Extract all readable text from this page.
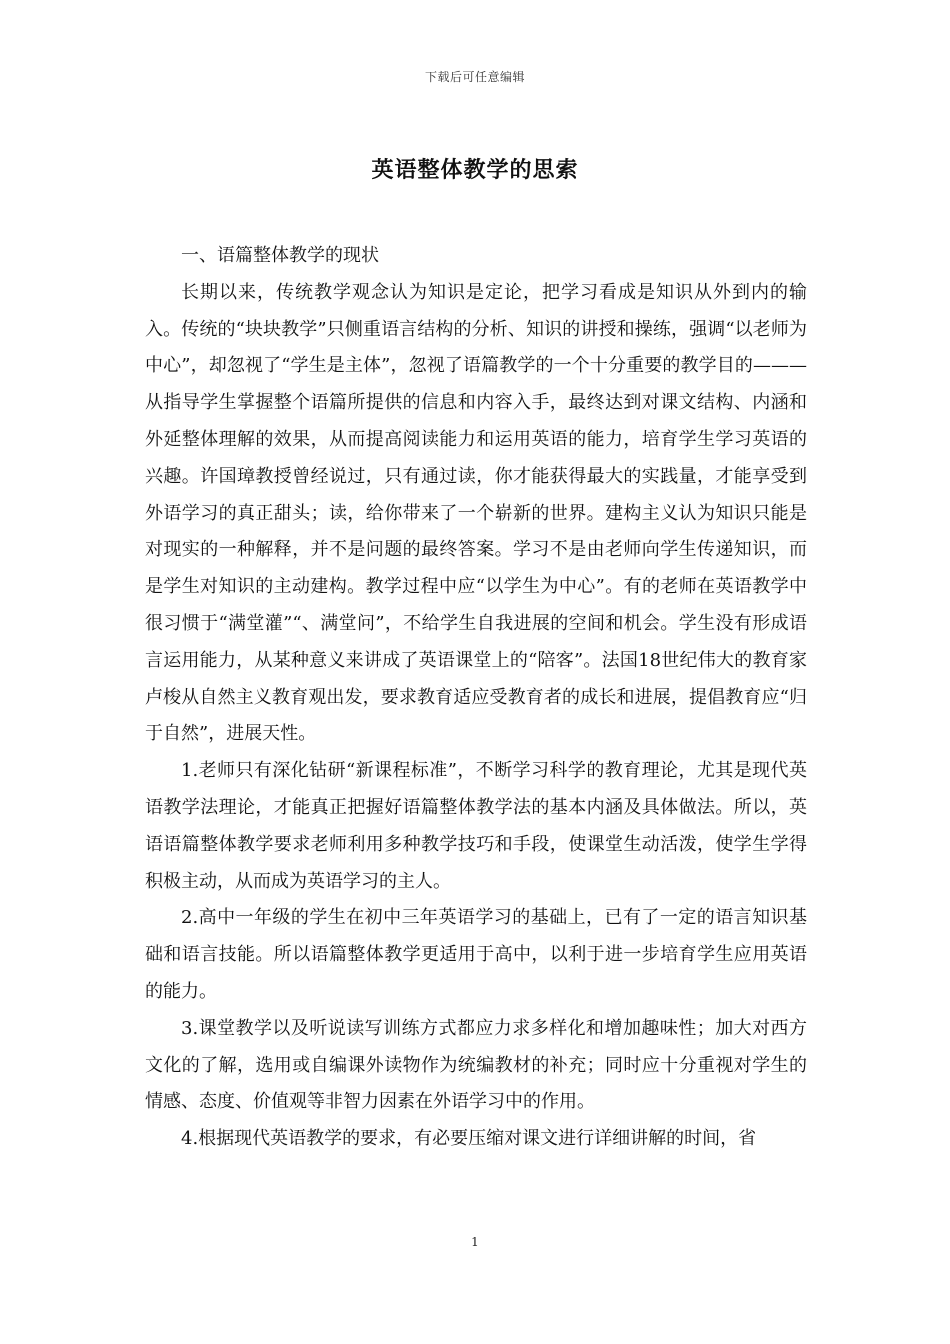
下载后可任意编辑
英语整体教学的思索

一、语篇整体教学的现状

长期以来，传统教学观念认为知识是定论，把学习看成是知识从外到内的输入。传统的“块块教学”只侧重语言结构的分析、知识的讲授和操练，强调“以老师为中心”，却忽视了“学生是主体”，忽视了语篇教学的一个十分重要的教学目的———从指导学生掌握整个语篇所提供的信息和内容入手，最终达到对课文结构、内涵和外延整体理解的效果，从而提高阅读能力和运用英语的能力，培育学生学习英语的兴趣。许国璋教授曾经说过，只有通过读，你才能获得最大的实践量，才能享受到外语学习的真正甜头；读，给你带来了一个崭新的世界。建构主义认为知识只能是对现实的一种解释，并不是问题的最终答案。学习不是由老师向学生传递知识，而是学生对知识的主动建构。教学过程中应“以学生为中心”。有的老师在英语教学中很习惯于“满堂灌”“、满堂问”，不给学生自我进展的空间和机会。学生没有形成语言运用能力，从某种意义来讲成了英语课堂上的“陪客”。法国18世纪伟大的教育家卢梭从自然主义教育观出发，要求教育适应受教育者的成长和进展，提倡教育应“归于自然”，进展天性。

1.老师只有深化钻研“新课程标准”，不断学习科学的教育理论，尤其是现代英语教学法理论，才能真正把握好语篇整体教学法的基本内涵及具体做法。所以，英语语篇整体教学要求老师利用多种教学技巧和手段，使课堂生动活泼，使学生学得积极主动，从而成为英语学习的主人。

2.高中一年级的学生在初中三年英语学习的基础上，已有了一定的语言知识基础和语言技能。所以语篇整体教学更适用于高中，以利于进一步培育学生应用英语的能力。

3.课堂教学以及听说读写训练方式都应力求多样化和增加趣味性；加大对西方文化的了解，选用或自编课外读物作为统编教材的补充；同时应十分重视对学生的情感、态度、价值观等非智力因素在外语学习中的作用。

4.根据现代英语教学的要求，有必要压缩对课文进行详细讲解的时间，省

1
